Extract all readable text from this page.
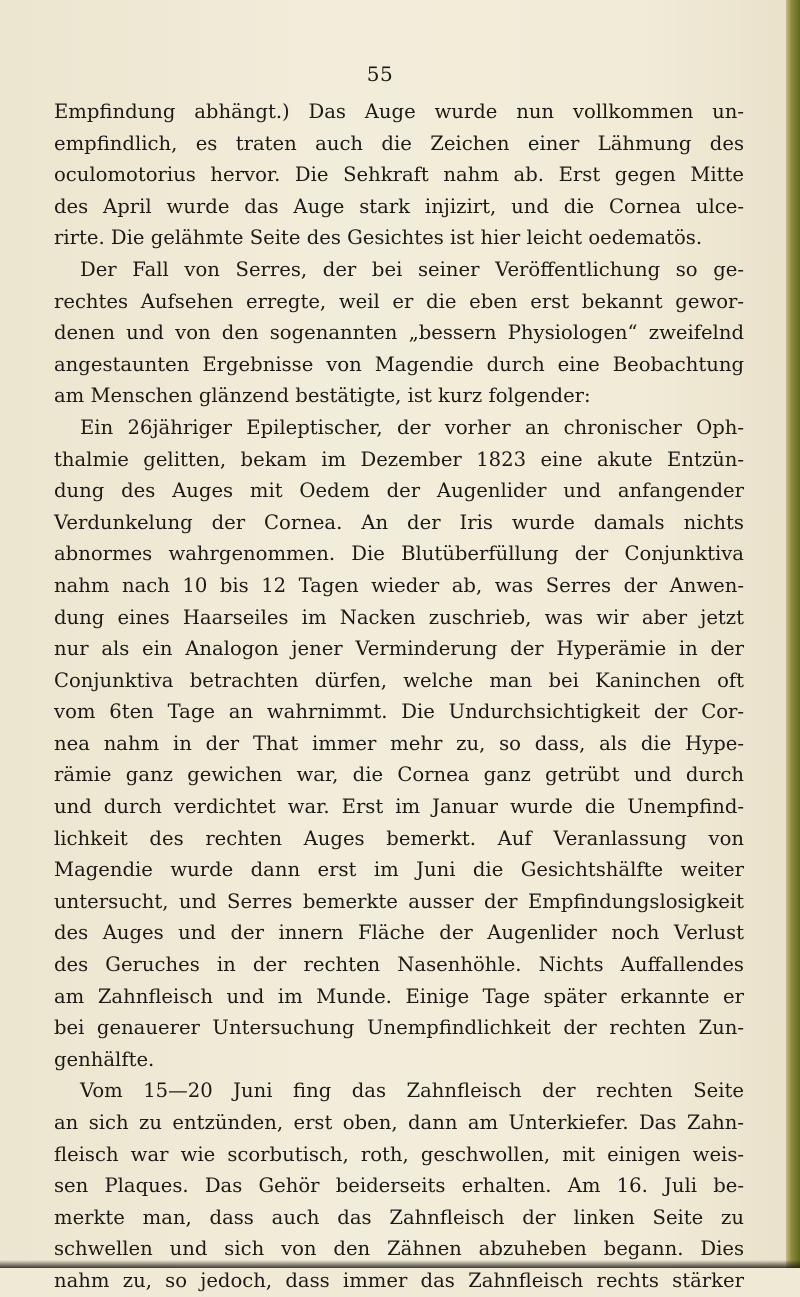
55
Empfindung abhängt.) Das Auge wurde nun vollkommen un-
empfindlich, es traten auch die Zeichen einer Lähmung des
oculomotorius hervor. Die Sehkraft nahm ab. Erst gegen Mitte
des April wurde das Auge stark injizirt, und die Cornea ulce-
rirte. Die gelähmte Seite des Gesichtes ist hier leicht oedematös.
Der Fall von Serres, der bei seiner Veröffentlichung so ge-
rechtes Aufsehen erregte, weil er die eben erst bekannt gewor-
denen und von den sogenannten „bessern Physiologen“ zweifelnd
angestaunten Ergebnisse von Magendie durch eine Beobachtung
am Menschen glänzend bestätigte, ist kurz folgender:
Ein 26jähriger Epileptischer, der vorher an chronischer Oph-
thalmie gelitten, bekam im Dezember 1823 eine akute Entzün-
dung des Auges mit Oedem der Augenlider und anfangender
Verdunkelung der Cornea. An der Iris wurde damals nichts
abnormes wahrgenommen. Die Blutüberfüllung der Conjunktiva
nahm nach 10 bis 12 Tagen wieder ab, was Serres der Anwen-
dung eines Haarseiles im Nacken zuschrieb, was wir aber jetzt
nur als ein Analogon jener Verminderung der Hyperämie in der
Conjunktiva betrachten dürfen, welche man bei Kaninchen oft
vom 6ten Tage an wahrnimmt. Die Undurchsichtigkeit der Cor-
nea nahm in der That immer mehr zu, so dass, als die Hype-
rämie ganz gewichen war, die Cornea ganz getrübt und durch
und durch verdichtet war. Erst im Januar wurde die Unempfind-
lichkeit des rechten Auges bemerkt. Auf Veranlassung von
Magendie wurde dann erst im Juni die Gesichtshälfte weiter
untersucht, und Serres bemerkte ausser der Empfindungslosigkeit
des Auges und der innern Fläche der Augenlider noch Verlust
des Geruches in der rechten Nasenhöhle. Nichts Auffallendes
am Zahnfleisch und im Munde. Einige Tage später erkannte er
bei genauerer Untersuchung Unempfindlichkeit der rechten Zun-
genhälfte.
Vom 15—20 Juni fing das Zahnfleisch der rechten Seite
an sich zu entzünden, erst oben, dann am Unterkiefer. Das Zahn-
fleisch war wie scorbutisch, roth, geschwollen, mit einigen weis-
sen Plaques. Das Gehör beiderseits erhalten. Am 16. Juli be-
merkte man, dass auch das Zahnfleisch der linken Seite zu
schwellen und sich von den Zähnen abzuheben begann. Dies
nahm zu, so jedoch, dass immer das Zahnfleisch rechts stärker
